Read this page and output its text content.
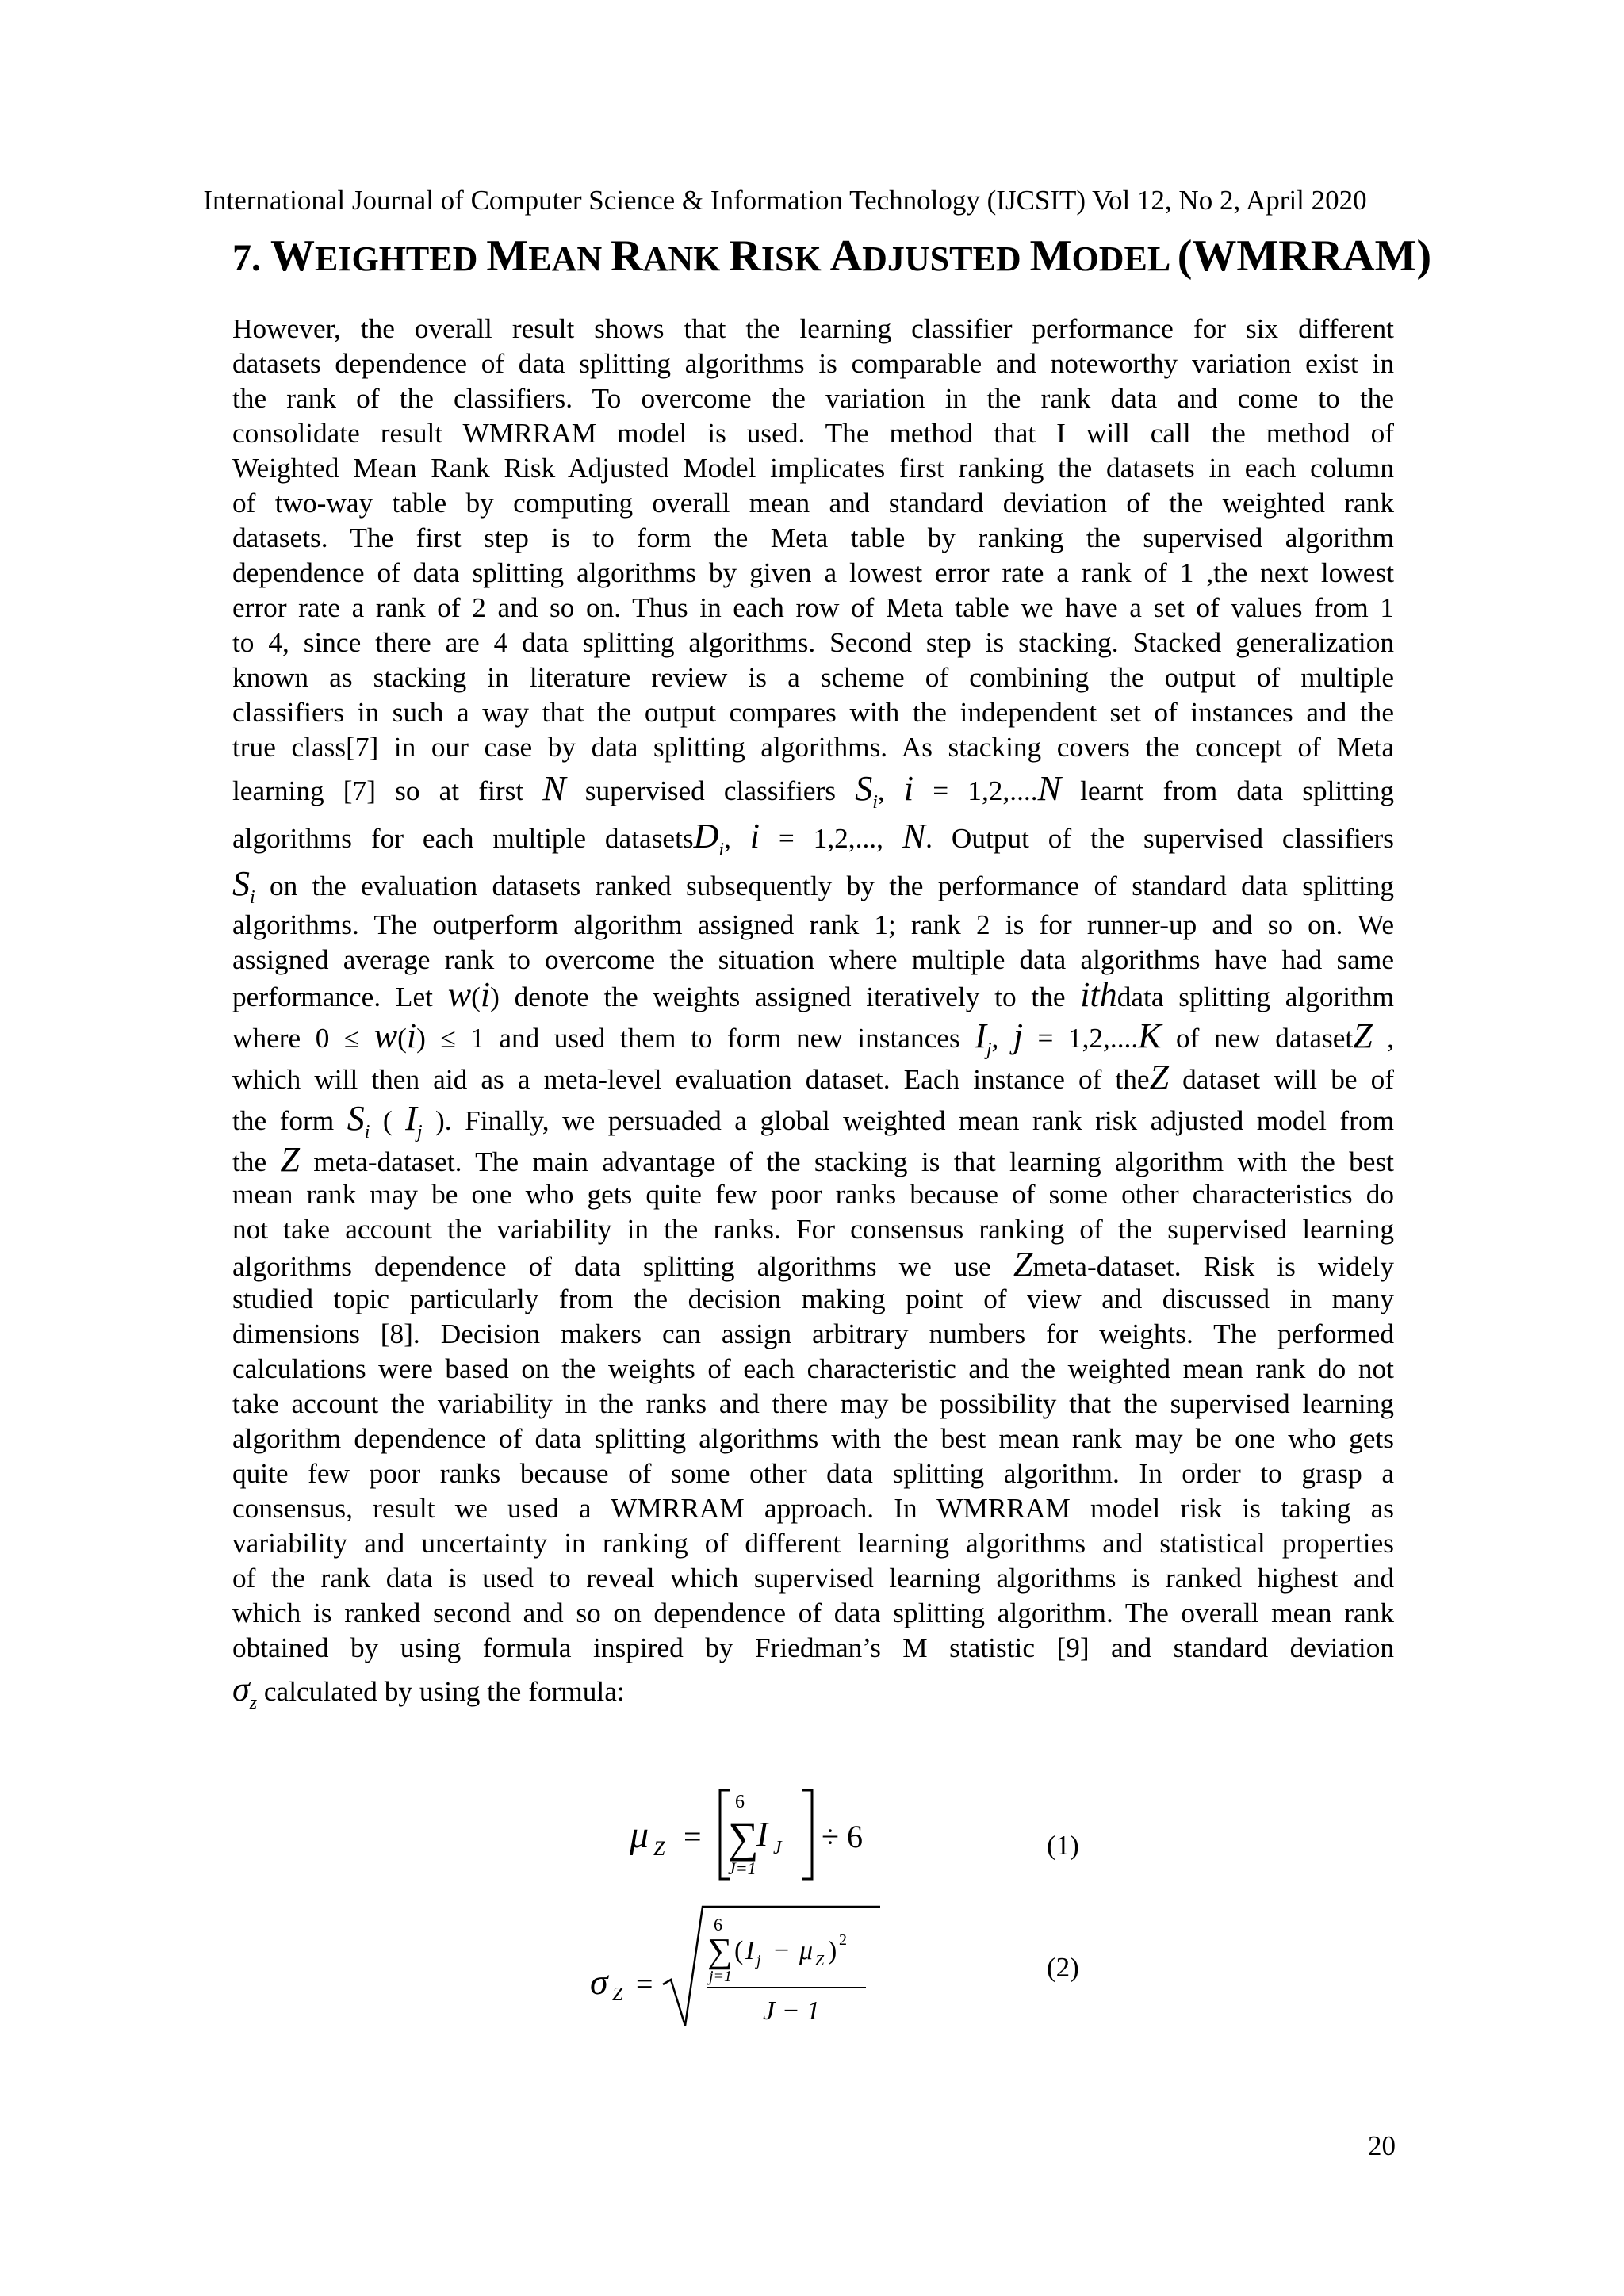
International Journal of Computer Science & Information Technology (IJCSIT) Vol 12, No 2, April 2020
7. WEIGHTED MEAN RANK RISK ADJUSTED MODEL (WMRRAM)
However, the overall result shows that the learning classifier performance for six different
datasets dependence of data splitting algorithms is comparable and noteworthy variation exist in
the rank of the classifiers. To overcome the variation in the rank data and come to the
consolidate result WMRRAM model is used. The method that I will call the method of
Weighted Mean Rank Risk Adjusted Model implicates first ranking the datasets in each column
of two-way table by computing overall mean and standard deviation of the weighted rank
datasets. The first step is to form the Meta table by ranking the supervised algorithm
dependence of data splitting algorithms by given a lowest error rate a rank of 1 ,the next lowest
error rate a rank of 2 and so on. Thus in each row of Meta table we have a set of values from 1
to 4, since there are 4 data splitting algorithms. Second step is stacking. Stacked generalization
known as stacking in literature review is a scheme of combining the output of multiple
classifiers in such a way that the output compares with the independent set of instances and the
true class[7] in our case by data splitting algorithms. As stacking covers the concept of Meta
learning [7] so at first N supervised classifiers $S_i$, i = 1,2,....N learnt from data splitting
algorithms for each multiple datasetsD$_i$, i = 1,2,..., N. Output of the supervised classifiers
$S_i$ on the evaluation datasets ranked subsequently by the performance of standard data splitting
algorithms. The outperform algorithm assigned rank 1; rank 2 is for runner-up and so on. We
assigned average rank to overcome the situation where multiple data algorithms have had same
performance. Let w(i) denote the weights assigned iteratively to the ithdata splitting algorithm
where 0 ≤ w(i) ≤ 1 and used them to form new instances $I_j$, j = 1,2,....K of new datasetZ ,
which will then aid as a meta-level evaluation dataset. Each instance of theZ dataset will be of
the form $S_i$ ( $I_j$ ). Finally, we persuaded a global weighted mean rank risk adjusted model from
the Z meta-dataset. The main advantage of the stacking is that learning algorithm with the best
mean rank may be one who gets quite few poor ranks because of some other characteristics do
not take account the variability in the ranks. For consensus ranking of the supervised learning
algorithms dependence of data splitting algorithms we use Zmeta-dataset. Risk is widely
studied topic particularly from the decision making point of view and discussed in many
dimensions [8]. Decision makers can assign arbitrary numbers for weights. The performed
calculations were based on the weights of each characteristic and the weighted mean rank do not
take account the variability in the ranks and there may be possibility that the supervised learning
algorithm dependence of data splitting algorithms with the best mean rank may be one who gets
quite few poor ranks because of some other data splitting algorithm. In order to grasp a
consensus, result we used a WMRRAM approach. In WMRRAM model risk is taking as
variability and uncertainty in ranking of different learning algorithms and statistical properties
of the rank data is used to reveal which supervised learning algorithms is ranked highest and
which is ranked second and so on dependence of data splitting algorithm. The overall mean rank
obtained by using formula inspired by Friedman’s M statistic [9] and standard deviation
$\sigma_z$ calculated by using the formula:
μ Z =
6
∑
I J
J=1
÷ 6	(1)
σ Z =
6
∑ ( I j − μ Z ) 2
j=1
J − 1
(2)
20
